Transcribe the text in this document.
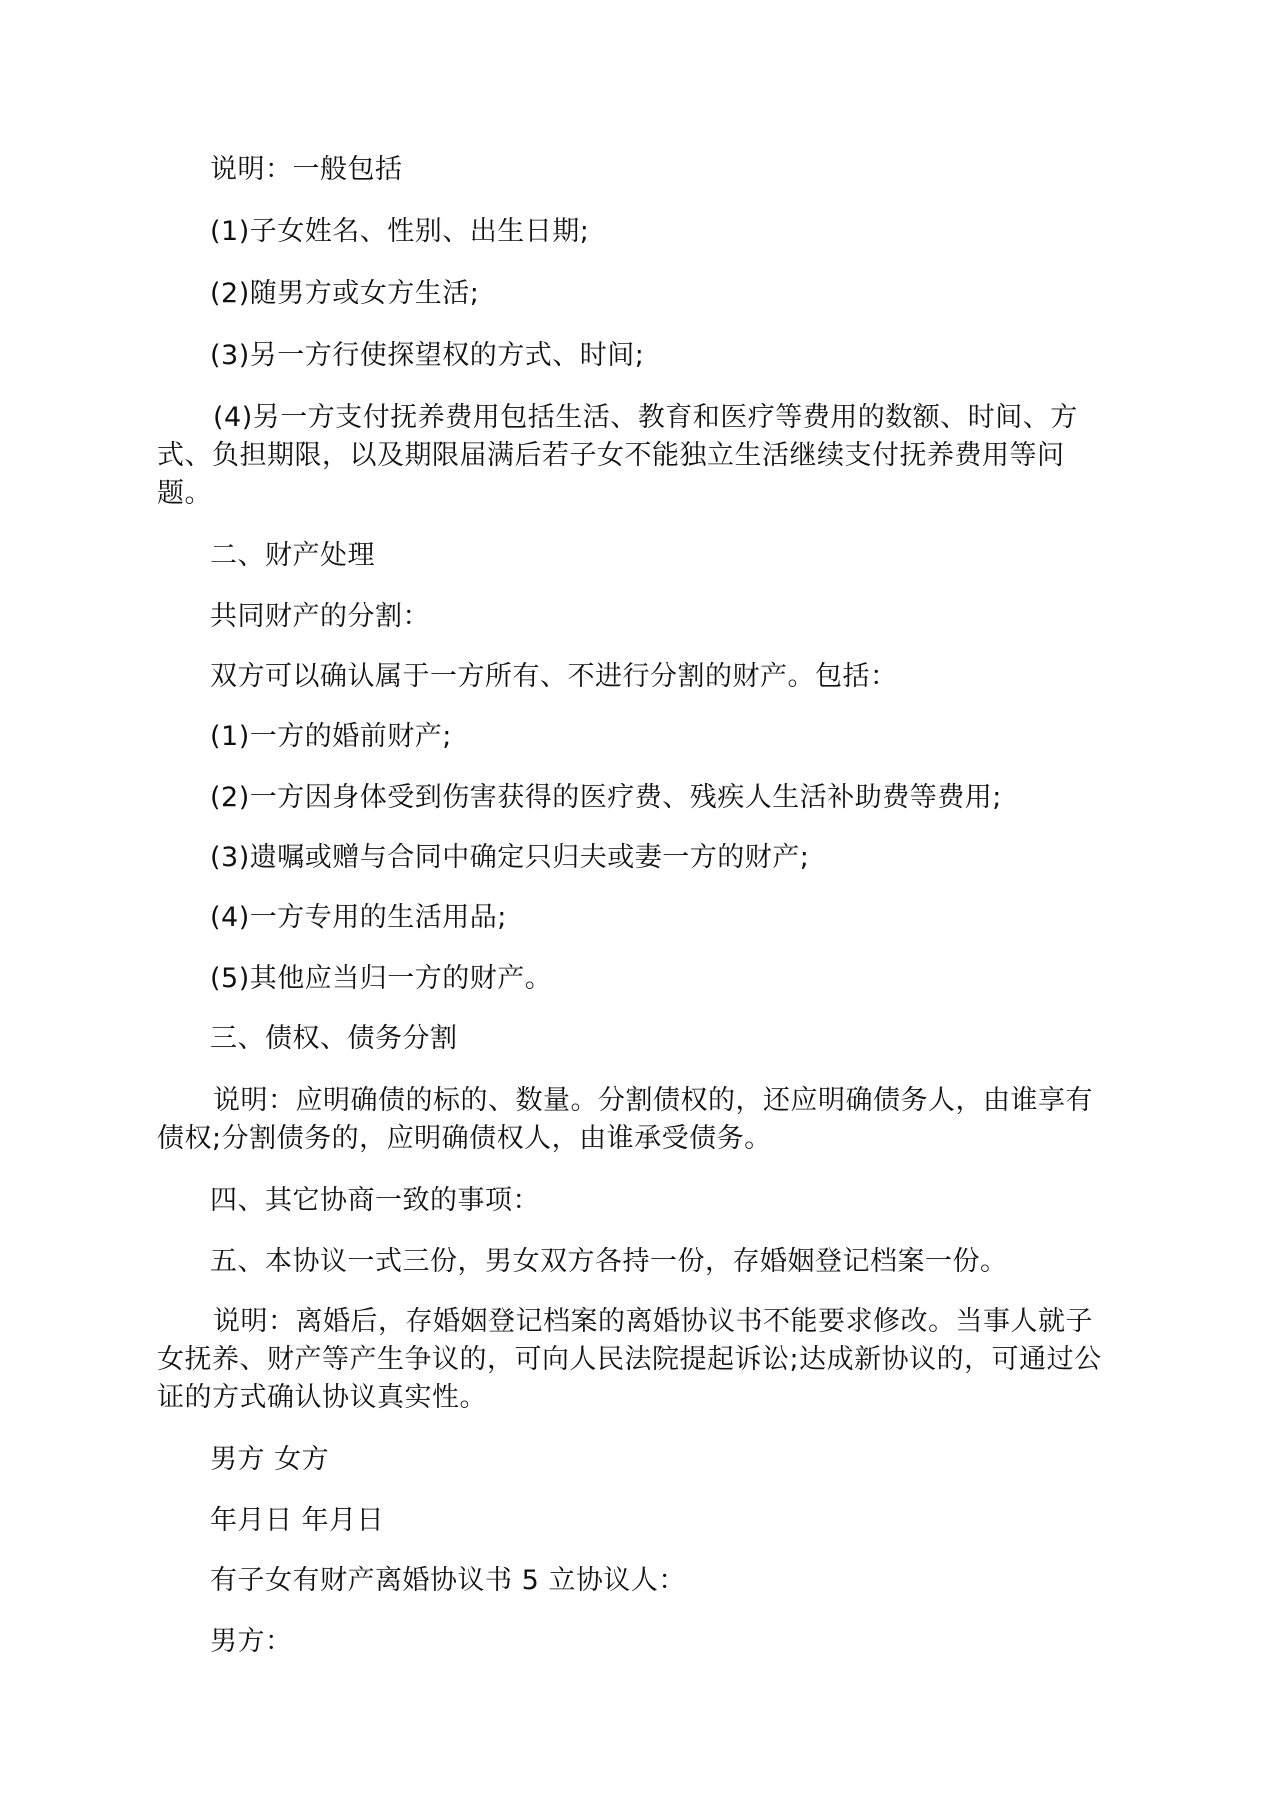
说明：一般包括
(1)子女姓名、性别、出生日期;
(2)随男方或女方生活;
(3)另一方行使探望权的方式、时间;
(4)另一方支付抚养费用包括生活、教育和医疗等费用的数额、时间、方
式、负担期限，以及期限届满后若子女不能独立生活继续支付抚养费用等问
题。
二、财产处理
共同财产的分割：
双方可以确认属于一方所有、不进行分割的财产。包括：
(1)一方的婚前财产;
(2)一方因身体受到伤害获得的医疗费、残疾人生活补助费等费用;
(3)遗嘱或赠与合同中确定只归夫或妻一方的财产;
(4)一方专用的生活用品;
(5)其他应当归一方的财产。
三、债权、债务分割
说明：应明确债的标的、数量。分割债权的，还应明确债务人，由谁享有
债权;分割债务的，应明确债权人，由谁承受债务。
四、其它协商一致的事项：
五、本协议一式三份，男女双方各持一份，存婚姻登记档案一份。
说明：离婚后，存婚姻登记档案的离婚协议书不能要求修改。当事人就子
女抚养、财产等产生争议的，可向人民法院提起诉讼;达成新协议的，可通过公
证的方式确认协议真实性。
男方 女方
年月日 年月日
有子女有财产离婚协议书 5 立协议人：
男方：
